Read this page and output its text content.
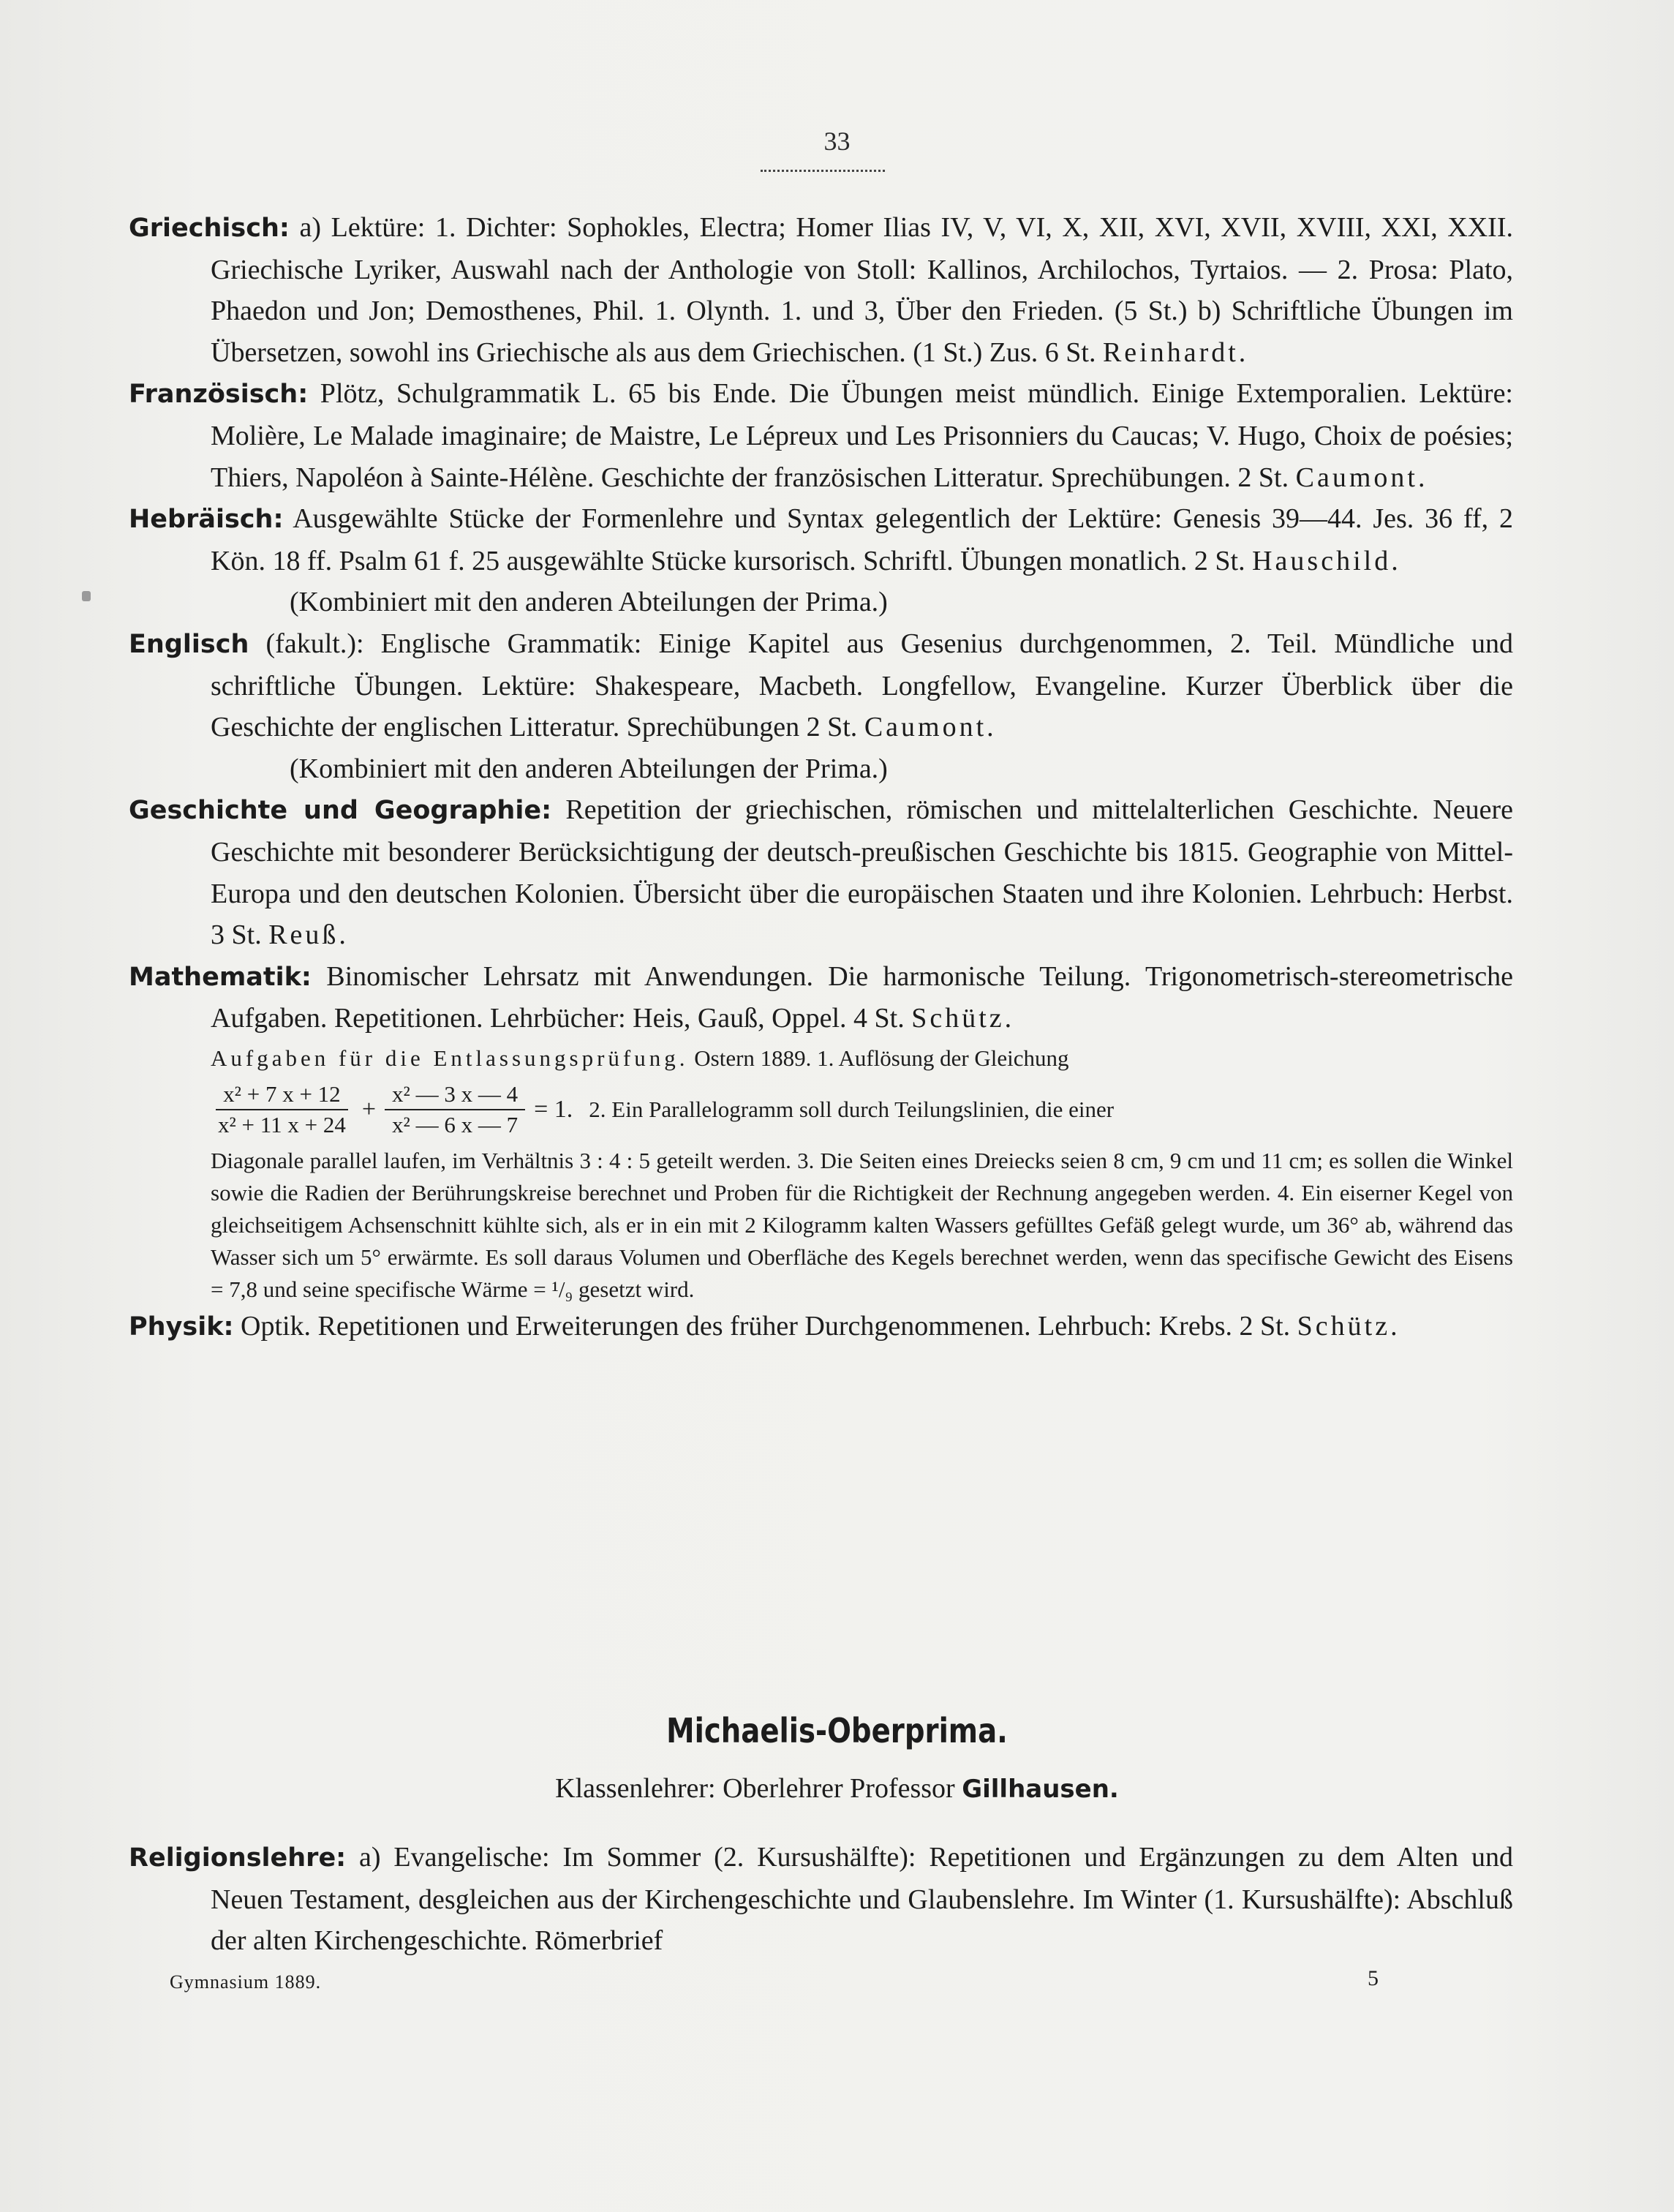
33

Griechisch: a) Lektüre: 1. Dichter: Sophokles, Electra; Homer Ilias IV, V, VI, X, XII, XVI, XVII, XVIII, XXI, XXII. Griechische Lyriker, Auswahl nach der Anthologie von Stoll: Kallinos, Archilochos, Tyrtaios. — 2. Prosa: Plato, Phaedon und Jon; Demosthenes, Phil. 1. Olynth. 1. und 3, Über den Frieden. (5 St.) b) Schriftliche Übungen im Übersetzen, sowohl ins Griechische als aus dem Griechischen. (1 St.) Zus. 6 St. Reinhardt.

Französisch: Plötz, Schulgrammatik L. 65 bis Ende. Die Übungen meist mündlich. Einige Extemporalien. Lektüre: Molière, Le Malade imaginaire; de Maistre, Le Lépreux und Les Prisonniers du Caucas; V. Hugo, Choix de poésies; Thiers, Napoléon à Sainte-Hélène. Geschichte der französischen Litteratur. Sprechübungen. 2 St. Caumont.

Hebräisch: Ausgewählte Stücke der Formenlehre und Syntax gelegentlich der Lektüre: Genesis 39—44. Jes. 36 ff, 2 Kön. 18 ff. Psalm 61 f. 25 ausgewählte Stücke kursorisch. Schriftl. Übungen monatlich. 2 St. Hauschild.

(Kombiniert mit den anderen Abteilungen der Prima.)

Englisch (fakult.): Englische Grammatik: Einige Kapitel aus Gesenius durchgenommen, 2. Teil. Mündliche und schriftliche Übungen. Lektüre: Shakespeare, Macbeth. Longfellow, Evangeline. Kurzer Überblick über die Geschichte der englischen Litteratur. Sprechübungen 2 St. Caumont.

(Kombiniert mit den anderen Abteilungen der Prima.)

Geschichte und Geographie: Repetition der griechischen, römischen und mittelalterlichen Geschichte. Neuere Geschichte mit besonderer Berücksichtigung der deutsch-preußischen Geschichte bis 1815. Geographie von Mittel-Europa und den deutschen Kolonien. Übersicht über die europäischen Staaten und ihre Kolonien. Lehrbuch: Herbst. 3 St. Reuß.

Mathematik: Binomischer Lehrsatz mit Anwendungen. Die harmonische Teilung. Trigonometrisch-stereometrische Aufgaben. Repetitionen. Lehrbücher: Heis, Gauß, Oppel. 4 St. Schütz.

Aufgaben für die Entlassungsprüfung. Ostern 1889. 1. Auflösung der Gleichung
$\frac{\text{x² + 7 x + 12}}{\text{x² + 11 x + 24}} + \frac{\text{x² — 3 x — 4}}{\text{x² — 6 x — 7}} = 1$. 2. Ein Parallelogramm soll durch Teilungslinien, die einer
Diagonale parallel laufen, im Verhältnis 3 : 4 : 5 geteilt werden. 3. Die Seiten eines Dreiecks seien 8 cm, 9 cm und 11 cm; es sollen die Winkel sowie die Radien der Berührungskreise berechnet und Proben für die Richtigkeit der Rechnung angegeben werden. 4. Ein eiserner Kegel von gleichseitigem Achsenschnitt kühlte sich, als er in ein mit 2 Kilogramm kalten Wassers gefülltes Gefäß gelegt wurde, um 36° ab, während das Wasser sich um 5° erwärmte. Es soll daraus Volumen und Oberfläche des Kegels berechnet werden, wenn das specifische Gewicht des Eisens = 7,8 und seine specifische Wärme = ¹/₉ gesetzt wird.

Physik: Optik. Repetitionen und Erweiterungen des früher Durchgenommenen. Lehrbuch: Krebs. 2 St. Schütz.

Michaelis-Oberprima.
Klassenlehrer: Oberlehrer Professor Gillhausen.

Religionslehre: a) Evangelische: Im Sommer (2. Kursushälfte): Repetitionen und Ergänzungen zu dem Alten und Neuen Testament, desgleichen aus der Kirchengeschichte und Glaubenslehre. Im Winter (1. Kursushälfte): Abschluß der alten Kirchengeschichte. Römerbrief

Gymnasium 1889.	5
